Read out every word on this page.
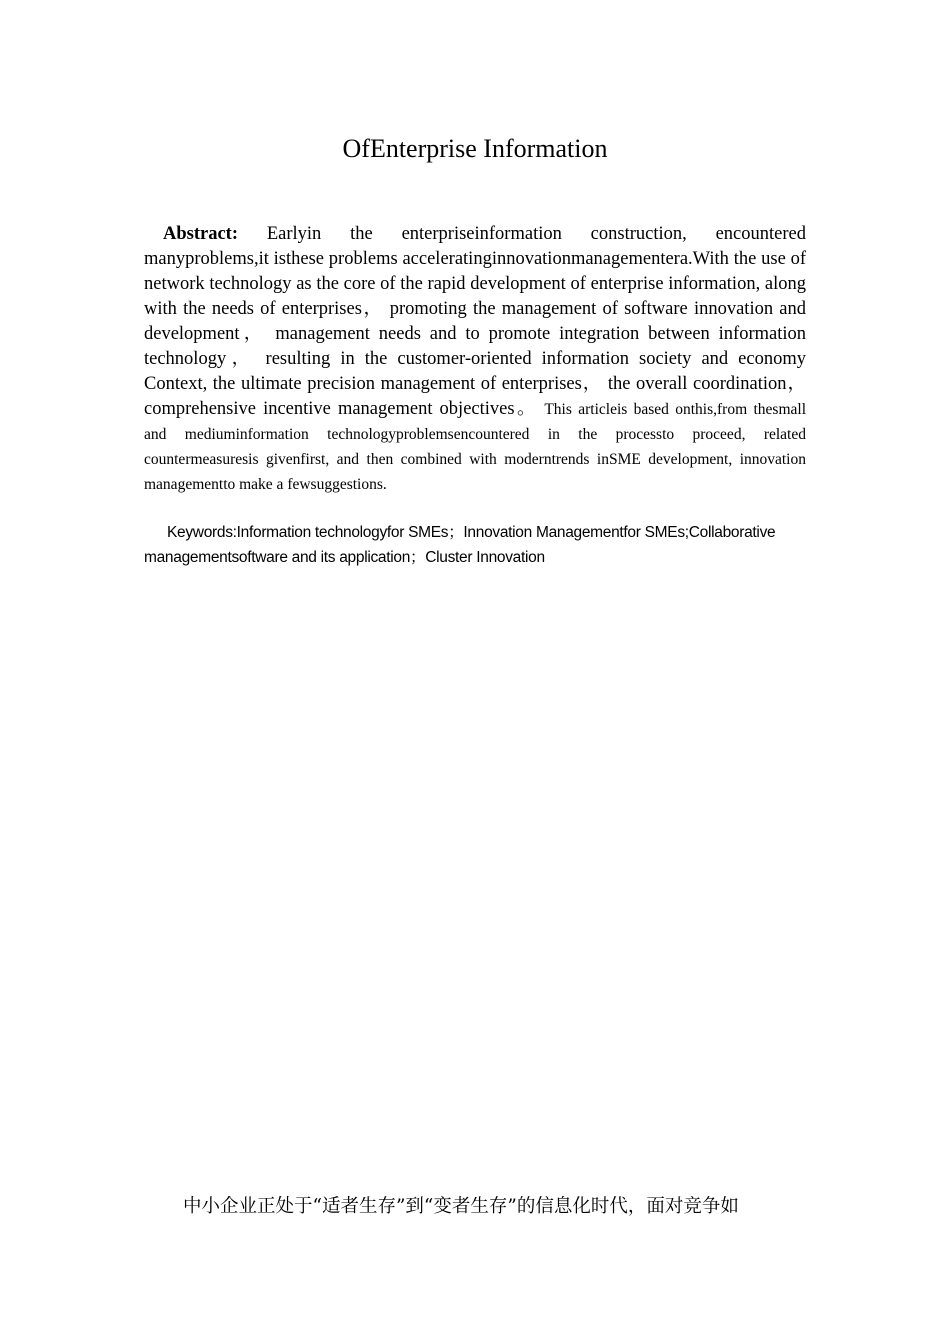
OfEnterprise Information
Abstract: Earlyin the enterpriseinformation construction, encountered manyproblems,it isthese problems acceleratinginnovationmanagementera.With the use of network technology as the core of the rapid development of enterprise information, along with the needs of enterprises， promoting the management of software innovation and development， management needs and to promote integration between information technology， resulting in the customer-oriented information society and economy Context, the ultimate precision management of enterprises， the overall coordination， comprehensive incentive management objectives。 This articleis based onthis,from thesmall and mediuminformation technologyproblemsencountered in the processto proceed, related countermeasuresis givenfirst, and then combined with moderntrends inSME development, innovation managementto make a fewsuggestions.
Keywords:Information technologyfor SMEs；Innovation Managementfor SMEs;Collaborative managementsoftware and its application；Cluster Innovation
中小企业正处于“适者生存”到“变者生存”的信息化时代，面对竞争如
